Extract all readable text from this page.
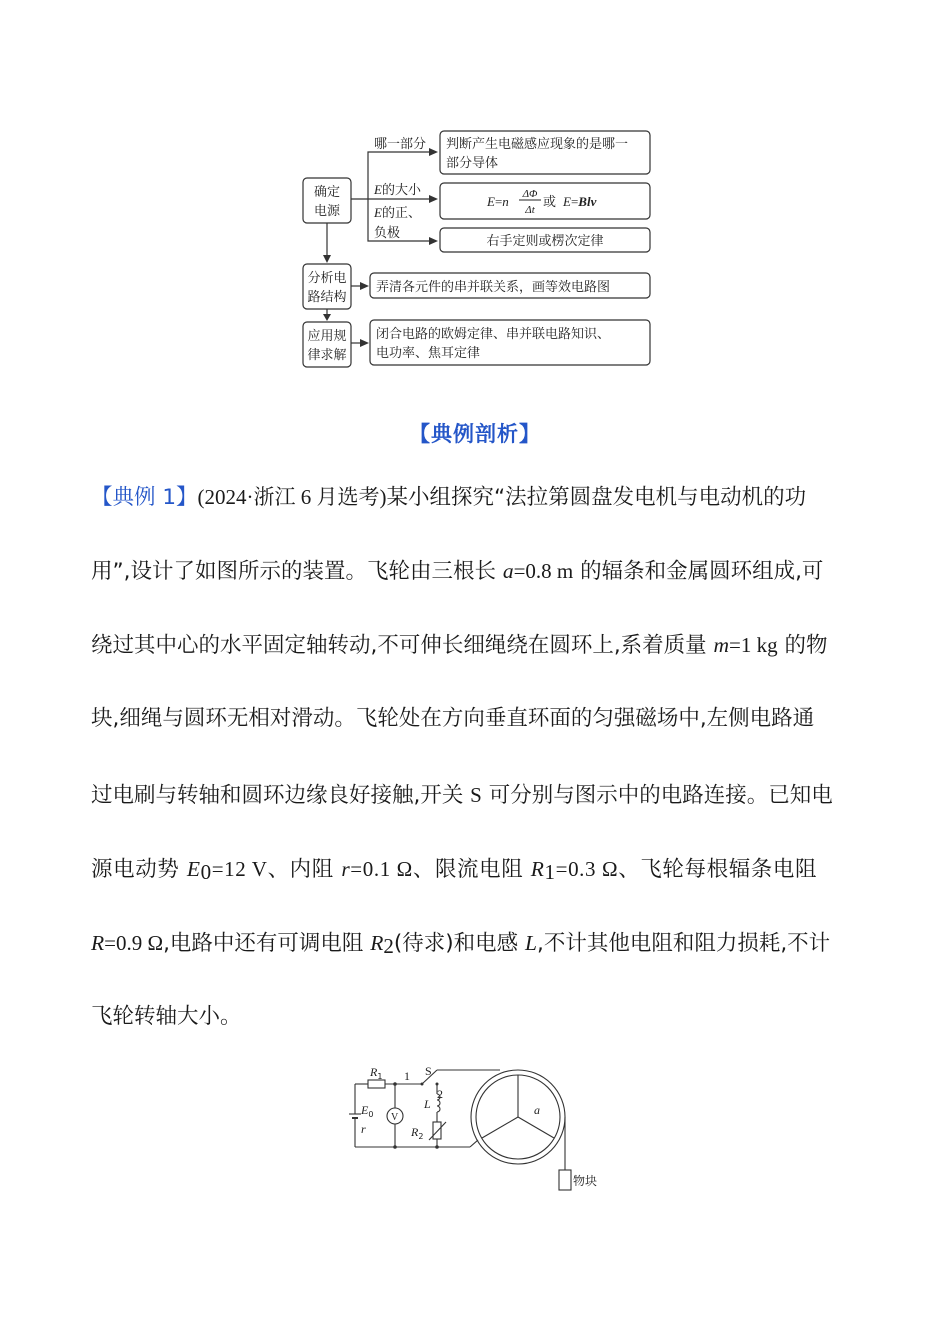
确定
电源
分析电
路结构
应用规
律求解
哪一部分
E的大小
E的正、
负极
判断产生电磁感应现象的是哪一
部分导体
E=n ΔΦ
Δt 或 E=Blv
右手定则或楞次定律
弄清各元件的串并联关系，画等效电路图
闭合电路的欧姆定律、串并联电路知识、
电功率、焦耳定律
【典例剖析】
【典例 1】(2024·浙江 6 月选考)某小组探究“法拉第圆盘发电机与电动机的功
用”,设计了如图所示的装置。飞轮由三根长 a=0.8 m 的辐条和金属圆环组成,可
绕过其中心的水平固定轴转动,不可伸长细绳绕在圆环上,系着质量 m=1 kg 的物
块,细绳与圆环无相对滑动。飞轮处在方向垂直环面的匀强磁场中,左侧电路通
过电刷与转轴和圆环边缘良好接触,开关 S 可分别与图示中的电路连接。已知电
源电动势 $E_0=12$ V、内阻 r=0.1 Ω、限流电阻 $R_1=0.3$ Ω、飞轮每根辐条电阻
R=0.9 Ω,电路中还有可调电阻 $R_2$(待求)和电感 L,不计其他电阻和阻力损耗,不计
飞轮转轴大小。
$R_1$ 1 S
2
$E_0$
r
V
L
$R_2$
a
物块
